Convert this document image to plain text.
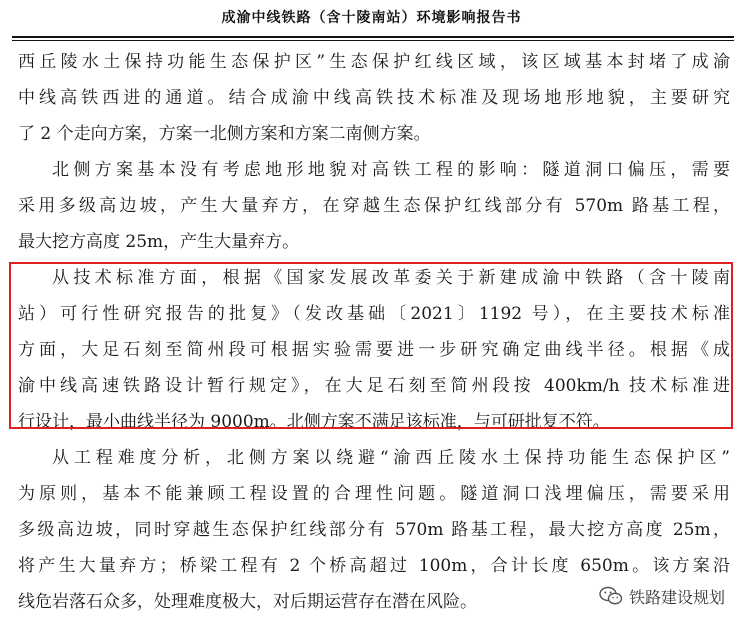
成渝中线铁路（含十陵南站）环境影响报告书
西丘陵水土保持功能生态保护区”生态保护红线区域，该区域基本封堵了成渝
中线高铁西进的通道。结合成渝中线高铁技术标准及现场地形地貌，主要研究
了 2 个走向方案，方案一北侧方案和方案二南侧方案。
北侧方案基本没有考虑地形地貌对高铁工程的影响：隧道洞口偏压，需要
采用多级高边坡，产生大量弃方，在穿越生态保护红线部分有 570m 路基工程，
最大挖方高度 25m，产生大量弃方。
从技术标准方面，根据《国家发展改革委关于新建成渝中铁路（含十陵南
站）可行性研究报告的批复》（发改基础〔2021〕1192 号），在主要技术标准
方面，大足石刻至简州段可根据实验需要进一步研究确定曲线半径。根据《成
渝中线高速铁路设计暂行规定》，在大足石刻至简州段按 400km/h 技术标准进
行设计，最小曲线半径为 9000m。北侧方案不满足该标准，与可研批复不符。
从工程难度分析，北侧方案以绕避“渝西丘陵水土保持功能生态保护区”
为原则，基本不能兼顾工程设置的合理性问题。隧道洞口浅埋偏压，需要采用
多级高边坡，同时穿越生态保护红线部分有 570m 路基工程，最大挖方高度 25m，
将产生大量弃方；桥梁工程有 2 个桥高超过 100m，合计长度 650m。该方案沿
线危岩落石众多，处理难度极大，对后期运营存在潜在风险。	铁路建设规划
